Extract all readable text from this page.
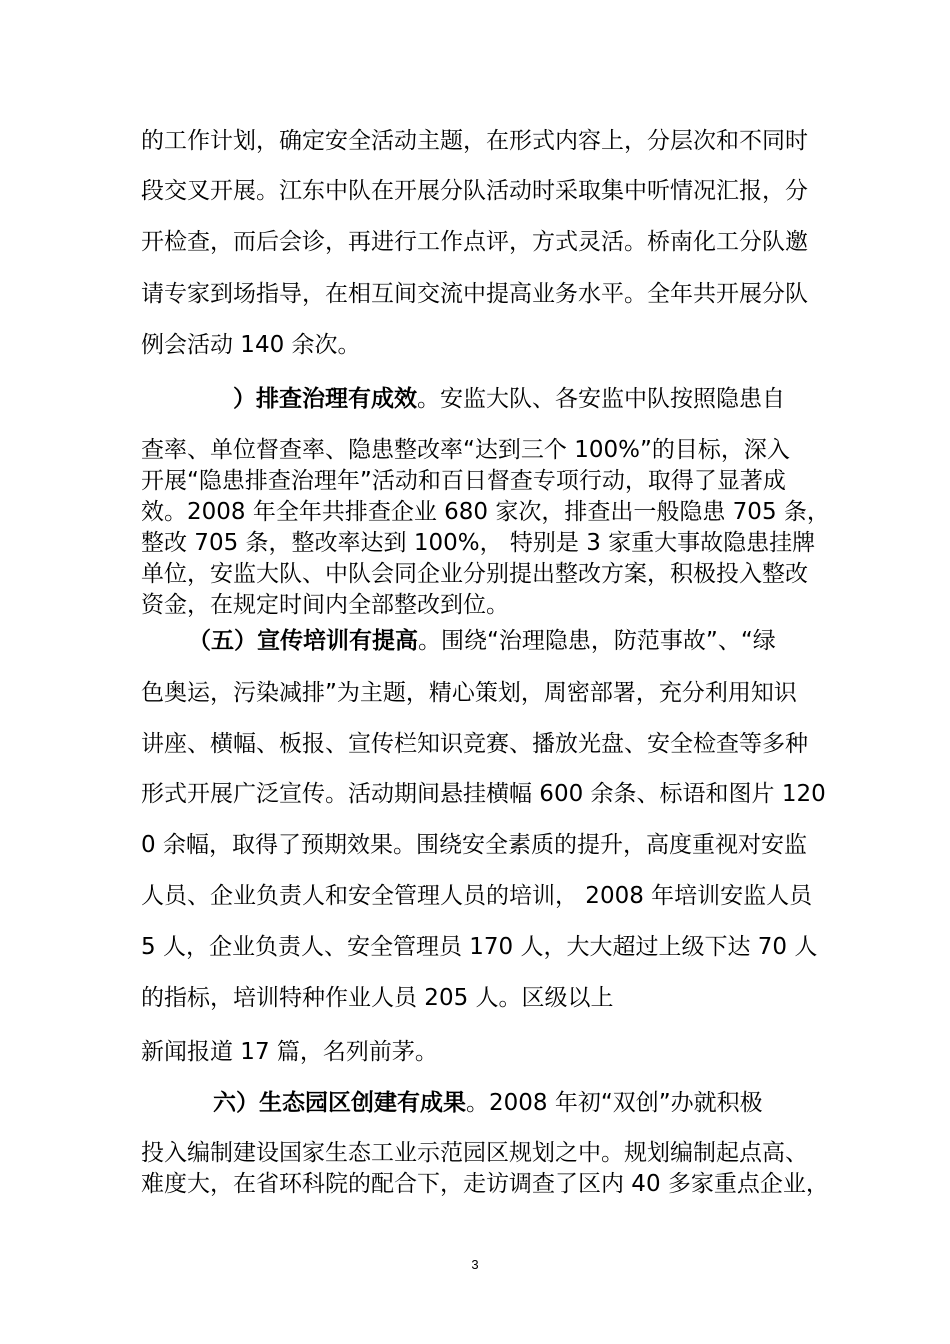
的工作计划，确定安全活动主题，在形式内容上，分层次和不同时
段交叉开展。江东中队在开展分队活动时采取集中听情况汇报，分
开检查，而后会诊，再进行工作点评，方式灵活。桥南化工分队邀
请专家到场指导，在相互间交流中提高业务水平。全年共开展分队
例会活动 140 余次。
）排查治理有成效。安监大队、各安监中队按照隐患自
查率、单位督查率、隐患整改率“达到三个 100%”的目标，深入
开展“隐患排查治理年”活动和百日督查专项行动，取得了显著成
效。2008 年全年共排查企业 680 家次，排查出一般隐患 705 条，
整改 705 条，整改率达到 100%， 特别是 3 家重大事故隐患挂牌
单位，安监大队、中队会同企业分别提出整改方案，积极投入整改
资金，在规定时间内全部整改到位。
（五）宣传培训有提高。围绕“治理隐患，防范事故”、“绿
色奥运，污染减排”为主题，精心策划，周密部署，充分利用知识
讲座、横幅、板报、宣传栏知识竞赛、播放光盘、安全检查等多种
形式开展广泛宣传。活动期间悬挂横幅 600 余条、标语和图片 120
0 余幅，取得了预期效果。围绕安全素质的提升，高度重视对安监
人员、企业负责人和安全管理人员的培训， 2008 年培训安监人员
5 人，企业负责人、安全管理员 170 人，大大超过上级下达 70 人
的指标，培训特种作业人员 205 人。区级以上
新闻报道 17 篇，名列前茅。
六）生态园区创建有成果。2008 年初“双创”办就积极
投入编制建设国家生态工业示范园区规划之中。规划编制起点高、
难度大，在省环科院的配合下，走访调查了区内 40 多家重点企业，
3
